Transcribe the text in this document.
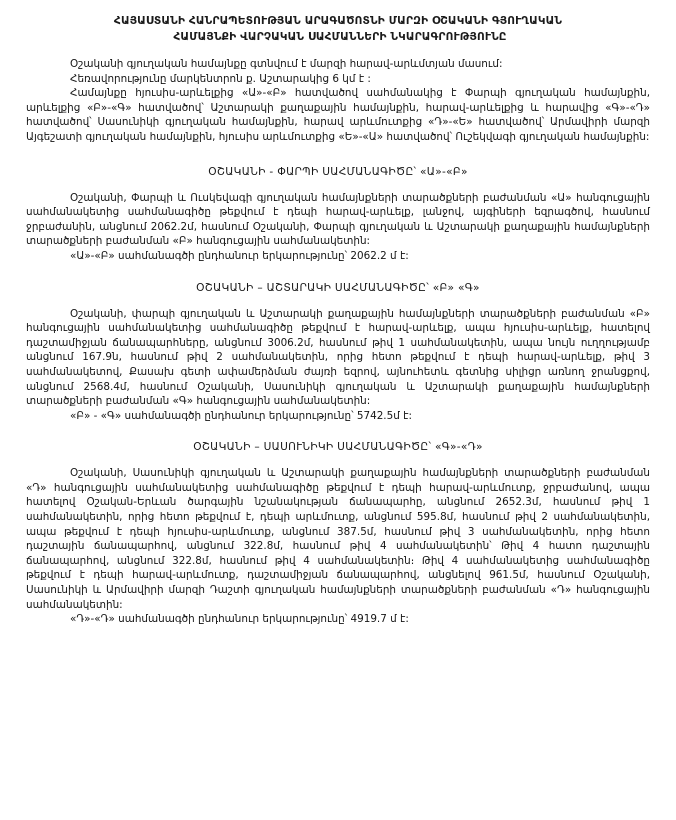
ՀԱՅԱՍՏԱՆԻ ՀԱՆՐԱՊԵՏՈՒԹՅԱՆ ԱՐԱԳԱԾՈՏՆԻ ՄԱՐԶԻ ՕՇԱԿԱՆԻ ԳՅՈՒՂԱԿԱՆ
ՀԱՄԱՅՆՔԻ ՎԱՐՉԱԿԱՆ ՍԱՀՄԱՆՆԵՐԻ ՆԿԱՐԱԳՐՈՒԹՅՈՒՆԸ

Օշականի գյուղական համայնքը գտնվում է մարզի հարավ-արևմտյան մասում:

Հեռավորությունը մարկենտրոն ք. Աշտարակից 6 կմ է :

Համայնքը հյուսիս-արևելքից «Ա»-«Բ» հատվածով սահմանակից է Փարպի գյուղական համայնքին, արևելքից «Բ»-«Գ» հատվածով՝ Աշտարակի քաղաքային համայնքին, հարավ-արևելքից և հարավից «Գ»-«Դ» հատվածով՝ Սասունիկի գյուղական համայնքին, հարավ արևմուտքից «Դ»-«Ե» հատվածով՝ Արմավիրի մարզի Այգեշատի գյուղական համայնքին, հյուսիս արևմուտքից «Ե»-«Ա» հատվածով՝ Ուշեկվագի գյուղական համայնքին:

ՕՇԱԿԱՆԻ - ՓԱՐՊԻ ՍԱՀՄԱՆԱԳԻԾԸ՝ «Ա»-«Բ»

Օշականի, Փարպի և Ուսկեվագի գյուղական համայնքների տարածքների բաժանման «Ա» հանգուցային սահմանակետից սահմանագիծը թեքվում է դեպի հարավ-արևելք, լանջով, այգիների եզրագծով, հասնում ջրբաժանին, անցնում 2062.2մ, հասնում Օշականի, Փարպի գյուղական և Աշտարակի քաղաքային համայնքների տարածքների բաժանման «Բ» հանգուցային սահմանակետին:

«Ա»-«Բ» սահմանագծի ընդհանուր երկարությունը՝ 2062.2 մ է:

ՕՇԱԿԱՆԻ – ԱՇՏԱՐԱԿԻ ՍԱՀՄԱՆԱԳԻԾԸ՝ «Բ» «Գ»

Օշականի, փարպի գյուղական և Աշտարակի քաղաքային համայնքների տարածքների բաժանման «Բ» հանգուցային սահմանակետից սահմանագիծը թեքվում է հարավ-արևելք, ապա հյուսիս-արևելք, հատելով դաշտամիջյան ճանապարհները, անցնում 3006.2մ, հասնում թիվ 1 սահմանակետին, ապա նույն ուղղությամբ անցնում 167.9ն, հասնում թիվ 2 սահմանակետին, որից հետո թեքվում է դեպի հարավ-արևելք, թիվ 3 սահմանակետով, Քասախ գետի ափամերձման ժայռի եզրով, այնուհետև գետնից սիլիցր առնող ջրանցքով, անցնում 2568.4մ, հասնում Օշականի, Սասունիկի գյուղական և Աշտարակի քաղաքային համայնքների տարածքների բաժանման «Գ» հանգուցային սահմանակետին:

«Բ» - «Գ» սահմանագծի ընդհանուր երկարությունը՝ 5742.5մ է:

ՕՇԱԿԱՆԻ – ՍԱՍՈՒՆԻԿԻ ՍԱՀՄԱՆԱԳԻԾԸ՝ «Գ»-«Դ»

Օշականի, Սասունիկի գյուղական և Աշտարակի քաղաքային համայնքների տարածքների բաժանման «Դ» հանգուցային սահմանակետից սահմանագիծը թեքվում է դեպի հարավ-արևմուտք, ջրբաժանով, ապա հատելով Օշական-Երևան ծարգային նշանակության ճանապարհը, անցնում 2652.3մ, հասնում թիվ 1 սահմանակետին, որից հետո թեքվում է, դեպի արևմուտք, անցնում 595.8մ, հասնում թիվ 2 սահմանակետին, ապա թեքվում է դեպի հյուսիս-արևմուտք, անցնում 387.5մ, հասնում թիվ 3 սահմանակետին, որից հետո դաշտային ճանապարհով, անցնում 322.8մ, հասնում թիվ 4 սահմանակետին՝ Թիվ 4 հատո դաշտային ճանապարհով, անցնում 322.8մ, հասնում թիվ 4 սահմանակետին։ Թիվ 4 սահմանակետից սահմանագիծը թեքվում է դեպի հարավ-արևմուտք, դաշտամիջյան ճանապարհով, անցնելով 961.5մ, հասնում Օշականի, Սասունիկի և Արմավիրի մարզի Դաշտի գյուղական համայնքների տարածքների բաժանման «Դ» հանգուցային սահմանակետին:

«Դ»-«Դ» սահմանագծի ընդհանուր երկարությունը՝ 4919.7 մ է:
